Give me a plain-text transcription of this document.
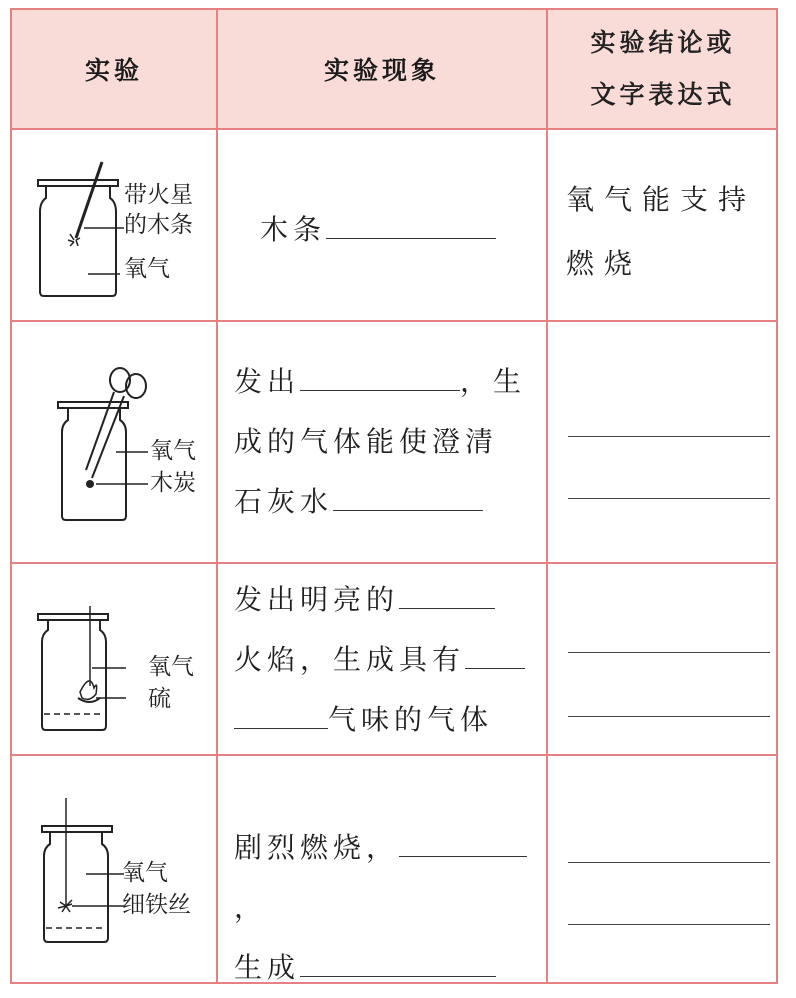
实验	实验现象
实验结论或
文字表达式
带火星
的木条
氧气
木条
氧气能支持
燃烧
氧气
木炭
发出	，生
成的气体能使澄清
石灰水
氧气
硫
发出明亮的
火焰，生成具有
气味的气体
氧气
细铁丝
剧烈燃烧，，
生成
